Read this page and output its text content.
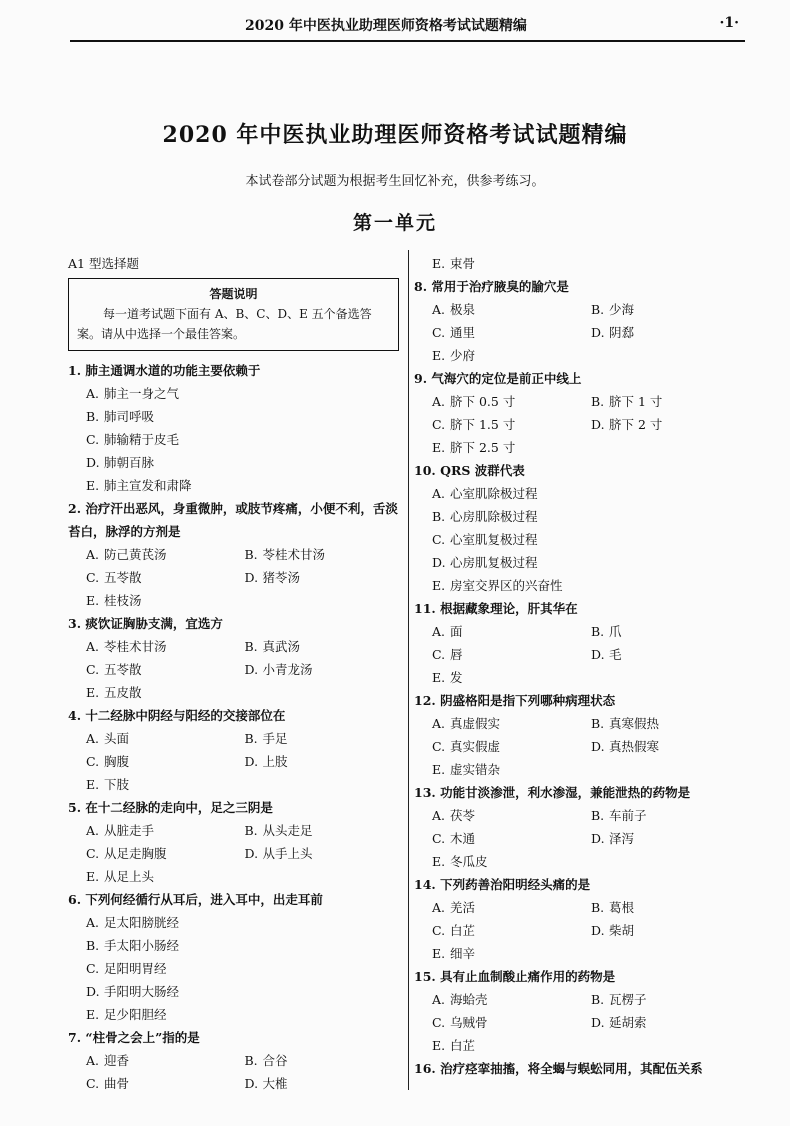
2020 年中医执业助理医师资格考试试题精编	·1·
2020 年中医执业助理医师资格考试试题精编
本试卷部分试题为根据考生回忆补充，供参考练习。
第一单元
A1 型选择题
答题说明
每一道考试题下面有 A、B、C、D、E 五个备选答案。请从中选择一个最佳答案。
1. 肺主通调水道的功能主要依赖于
A. 肺主一身之气
B. 肺司呼吸
C. 肺输精于皮毛
D. 肺朝百脉
E. 肺主宣发和肃降
2. 治疗汗出恶风，身重微肿，或肢节疼痛，小便不利，舌淡苔白，脉浮的方剂是
A. 防己黄芪汤	B. 苓桂术甘汤
C. 五苓散	D. 猪苓汤
E. 桂枝汤
3. 痰饮证胸胁支满，宜选方
A. 苓桂术甘汤	B. 真武汤
C. 五苓散	D. 小青龙汤
E. 五皮散
4. 十二经脉中阴经与阳经的交接部位在
A. 头面	B. 手足
C. 胸腹	D. 上肢
E. 下肢
5. 在十二经脉的走向中，足之三阴是
A. 从脏走手	B. 从头走足
C. 从足走胸腹	D. 从手上头
E. 从足上头
6. 下列何经循行从耳后，进入耳中，出走耳前
A. 足太阳膀胱经
B. 手太阳小肠经
C. 足阳明胃经
D. 手阳明大肠经
E. 足少阳胆经
7. “柱骨之会上”指的是
A. 迎香	B. 合谷
C. 曲骨	D. 大椎
E. 束骨
8. 常用于治疗腋臭的腧穴是
A. 极泉	B. 少海
C. 通里	D. 阴郄
E. 少府
9. 气海穴的定位是前正中线上
A. 脐下 0.5 寸	B. 脐下 1 寸
C. 脐下 1.5 寸	D. 脐下 2 寸
E. 脐下 2.5 寸
10. QRS 波群代表
A. 心室肌除极过程
B. 心房肌除极过程
C. 心室肌复极过程
D. 心房肌复极过程
E. 房室交界区的兴奋性
11. 根据藏象理论，肝其华在
A. 面	B. 爪
C. 唇	D. 毛
E. 发
12. 阴盛格阳是指下列哪种病理状态
A. 真虚假实	B. 真寒假热
C. 真实假虚	D. 真热假寒
E. 虚实错杂
13. 功能甘淡渗泄，利水渗湿，兼能泄热的药物是
A. 茯苓	B. 车前子
C. 木通	D. 泽泻
E. 冬瓜皮
14. 下列药善治阳明经头痛的是
A. 羌活	B. 葛根
C. 白芷	D. 柴胡
E. 细辛
15. 具有止血制酸止痛作用的药物是
A. 海蛤壳	B. 瓦楞子
C. 乌贼骨	D. 延胡索
E. 白芷
16. 治疗痉挛抽搐，将全蝎与蜈蚣同用，其配伍关系
